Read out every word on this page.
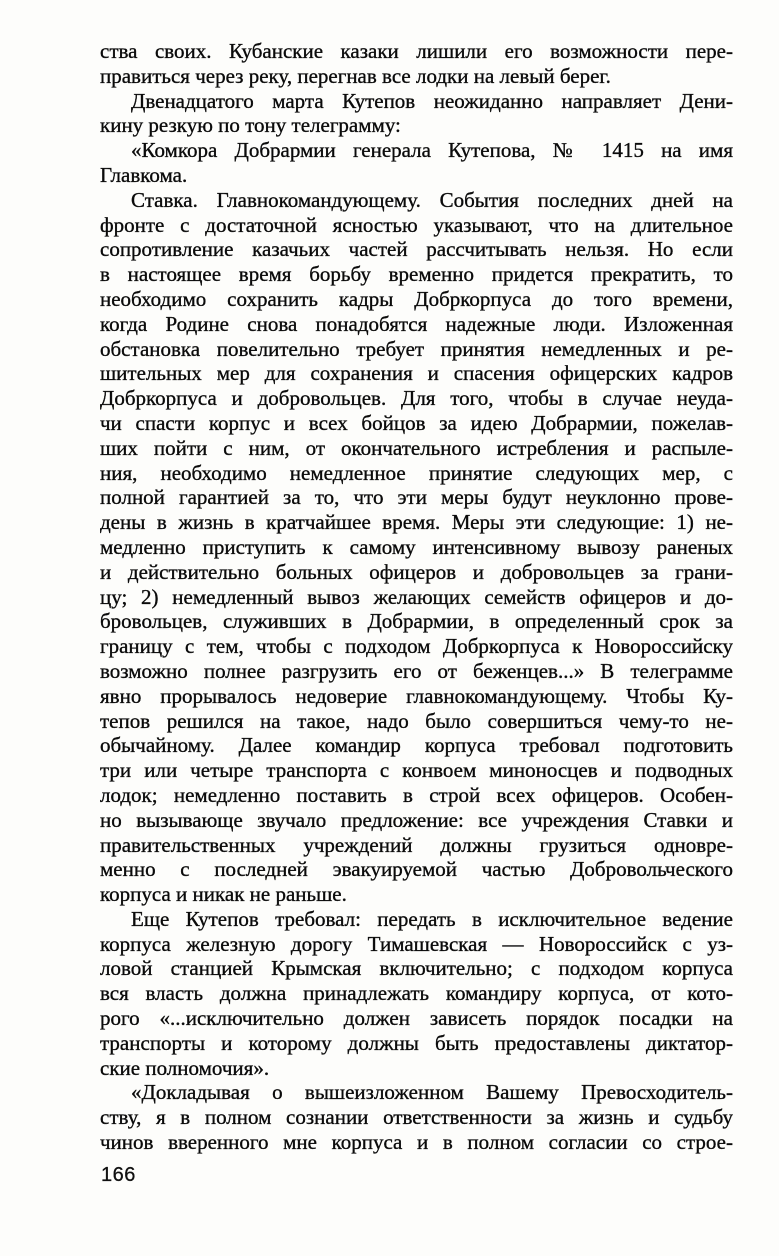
ства своих. Кубанские казаки лишили его возможности пере-
правиться через реку, перегнав все лодки на левый берег.
Двенадцатого марта Кутепов неожиданно направляет Дени-
кину резкую по тону телеграмму:
«Комкора Добрармии генерала Кутепова, № 1415 на имя
Главкома.
Ставка. Главнокомандующему. События последних дней на
фронте с достаточной ясностью указывают, что на длительное
сопротивление казачьих частей рассчитывать нельзя. Но если
в настоящее время борьбу временно придется прекратить, то
необходимо сохранить кадры Добркорпуса до того времени,
когда Родине снова понадобятся надежные люди. Изложенная
обстановка повелительно требует принятия немедленных и ре-
шительных мер для сохранения и спасения офицерских кадров
Добркорпуса и добровольцев. Для того, чтобы в случае неуда-
чи спасти корпус и всех бойцов за идею Добрармии, пожелав-
ших пойти с ним, от окончательного истребления и распыле-
ния, необходимо немедленное принятие следующих мер, с
полной гарантией за то, что эти меры будут неуклонно прове-
дены в жизнь в кратчайшее время. Меры эти следующие: 1) не-
медленно приступить к самому интенсивному вывозу раненых
и действительно больных офицеров и добровольцев за грани-
цу; 2) немедленный вывоз желающих семейств офицеров и до-
бровольцев, служивших в Добрармии, в определенный срок за
границу с тем, чтобы с подходом Добркорпуса к Новороссийску
возможно полнее разгрузить его от беженцев...» В телеграмме
явно прорывалось недоверие главнокомандующему. Чтобы Ку-
тепов решился на такое, надо было совершиться чему-то не-
обычайному. Далее командир корпуса требовал подготовить
три или четыре транспорта с конвоем миноносцев и подводных
лодок; немедленно поставить в строй всех офицеров. Особен-
но вызывающе звучало предложение: все учреждения Ставки и
правительственных учреждений должны грузиться одновре-
менно с последней эвакуируемой частью Добровольческого
корпуса и никак не раньше.
Еще Кутепов требовал: передать в исключительное ведение
корпуса железную дорогу Тимашевская — Новороссийск с уз-
ловой станцией Крымская включительно; с подходом корпуса
вся власть должна принадлежать командиру корпуса, от кото-
рого «...исключительно должен зависеть порядок посадки на
транспорты и которому должны быть предоставлены диктатор-
ские полномочия».
«Докладывая о вышеизложенном Вашему Превосходитель-
ству, я в полном сознании ответственности за жизнь и судьбу
чинов вверенного мне корпуса и в полном согласии со строе-
166
